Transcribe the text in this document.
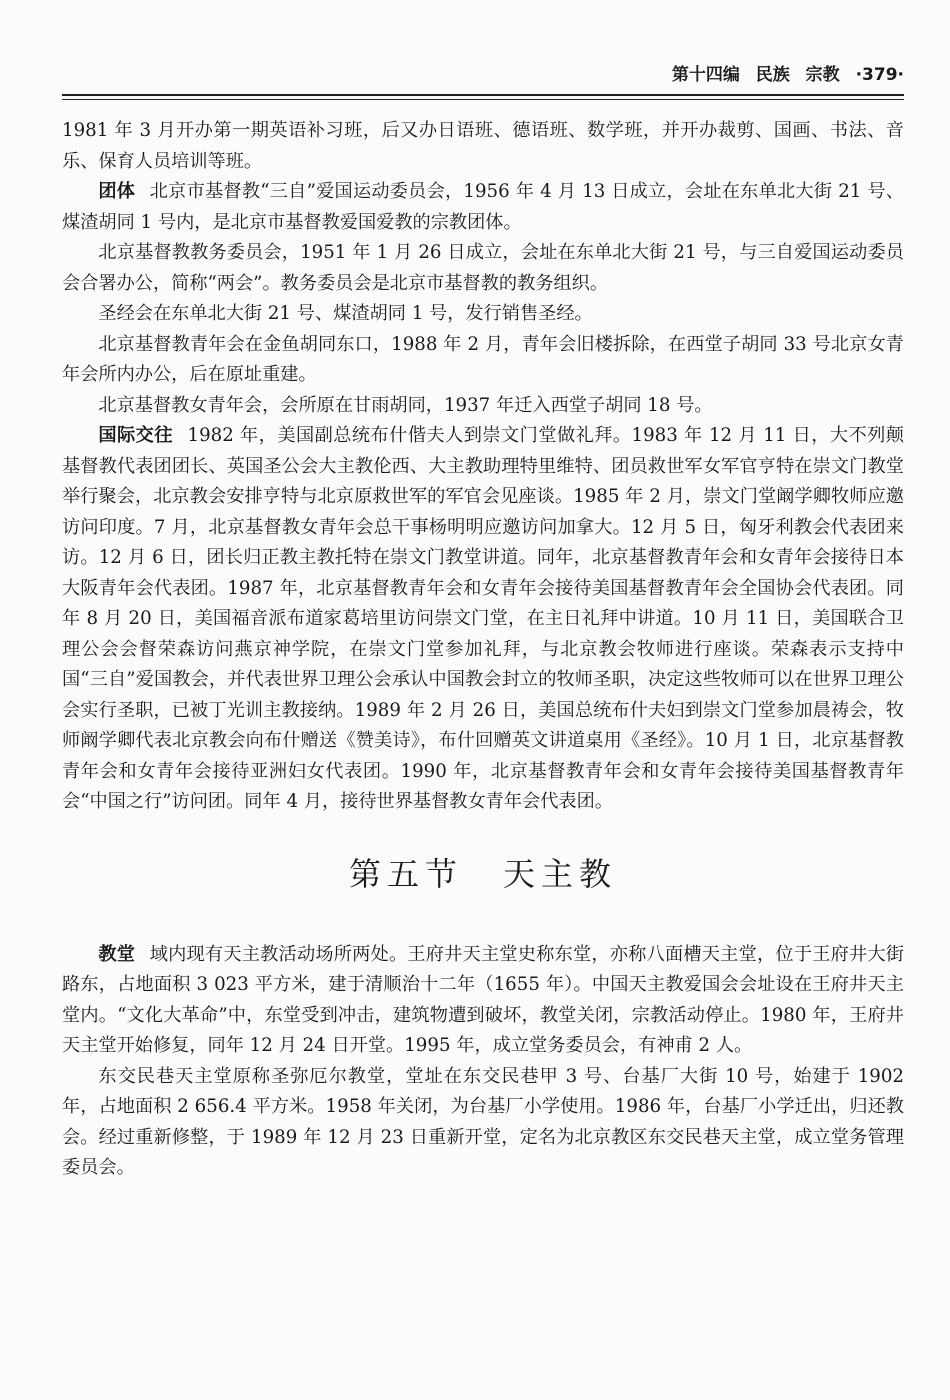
第十四编 民族 宗教 ·379·

1981 年 3 月开办第一期英语补习班，后又办日语班、德语班、数学班，并开办裁剪、国画、书法、音乐、保育人员培训等班。

团体 北京市基督教“三自”爱国运动委员会，1956 年 4 月 13 日成立，会址在东单北大街 21 号、煤渣胡同 1 号内，是北京市基督教爱国爱教的宗教团体。

北京基督教教务委员会，1951 年 1 月 26 日成立，会址在东单北大街 21 号，与三自爱国运动委员会合署办公，简称“两会”。教务委员会是北京市基督教的教务组织。

圣经会在东单北大街 21 号、煤渣胡同 1 号，发行销售圣经。

北京基督教青年会在金鱼胡同东口，1988 年 2 月，青年会旧楼拆除，在西堂子胡同 33 号北京女青年会所内办公，后在原址重建。

北京基督教女青年会，会所原在甘雨胡同，1937 年迁入西堂子胡同 18 号。

国际交往 1982 年，美国副总统布什偕夫人到崇文门堂做礼拜。1983 年 12 月 11 日，大不列颠基督教代表团团长、英国圣公会大主教伦西、大主教助理特里维特、团员救世军女军官亨特在崇文门教堂举行聚会，北京教会安排亨特与北京原救世军的军官会见座谈。1985 年 2 月，崇文门堂阚学卿牧师应邀访问印度。7 月，北京基督教女青年会总干事杨明明应邀访问加拿大。12 月 5 日，匈牙利教会代表团来访。12 月 6 日，团长归正教主教托特在崇文门教堂讲道。同年，北京基督教青年会和女青年会接待日本大阪青年会代表团。1987 年，北京基督教青年会和女青年会接待美国基督教青年会全国协会代表团。同年 8 月 20 日，美国福音派布道家葛培里访问崇文门堂，在主日礼拜中讲道。10 月 11 日，美国联合卫理公会会督荣森访问燕京神学院，在崇文门堂参加礼拜，与北京教会牧师进行座谈。荣森表示支持中国“三自”爱国教会，并代表世界卫理公会承认中国教会封立的牧师圣职，决定这些牧师可以在世界卫理公会实行圣职，已被丁光训主教接纳。1989 年 2 月 26 日，美国总统布什夫妇到崇文门堂参加晨祷会，牧师阚学卿代表北京教会向布什赠送《赞美诗》，布什回赠英文讲道桌用《圣经》。10 月 1 日，北京基督教青年会和女青年会接待亚洲妇女代表团。1990 年，北京基督教青年会和女青年会接待美国基督教青年会“中国之行”访问团。同年 4 月，接待世界基督教女青年会代表团。

第五节 天主教

教堂 域内现有天主教活动场所两处。王府井天主堂史称东堂，亦称八面槽天主堂，位于王府井大街路东，占地面积 3 023 平方米，建于清顺治十二年（1655 年）。中国天主教爱国会会址设在王府井天主堂内。“文化大革命”中，东堂受到冲击，建筑物遭到破坏，教堂关闭，宗教活动停止。1980 年，王府井天主堂开始修复，同年 12 月 24 日开堂。1995 年，成立堂务委员会，有神甫 2 人。

东交民巷天主堂原称圣弥厄尔教堂，堂址在东交民巷甲 3 号、台基厂大街 10 号，始建于 1902 年，占地面积 2 656.4 平方米。1958 年关闭，为台基厂小学使用。1986 年，台基厂小学迁出，归还教会。经过重新修整，于 1989 年 12 月 23 日重新开堂，定名为北京教区东交民巷天主堂，成立堂务管理委员会。
